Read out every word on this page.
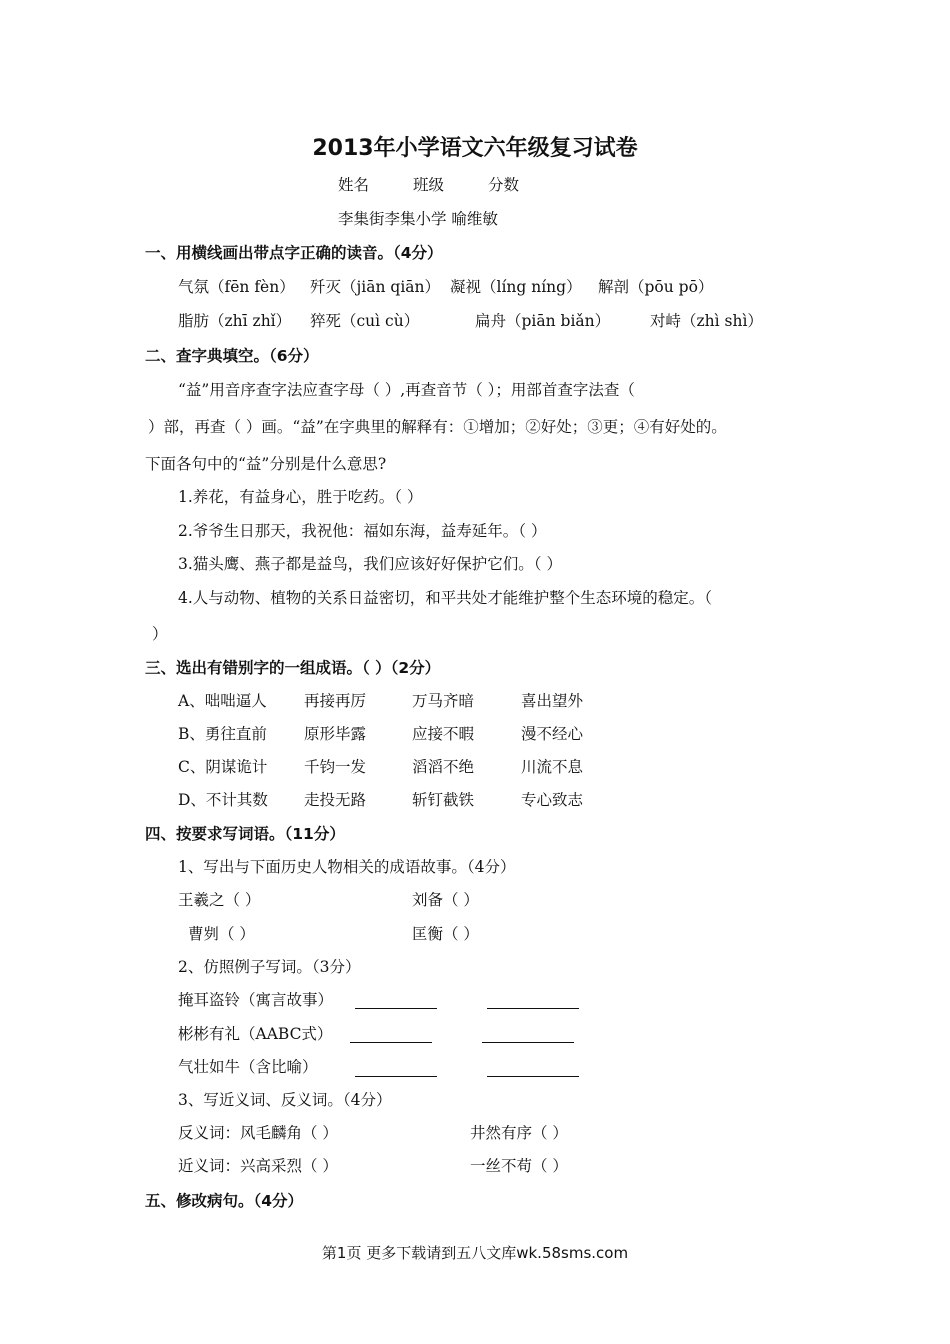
2013年小学语文六年级复习试卷
姓名	班级	分数
李集街李集小学 喻维敏
一、用横线画出带点字正确的读音。（4分）
气氛（fēn fèn） 歼灭（jiān qiān） 凝视（líng níng） 解剖（pōu pō）
脂肪（zhī zhǐ） 猝死（cuì cù）	扁舟（piān biǎn）	对峙（zhì shì）
二、查字典填空。（6分）
“益”用音序查字法应查字母（ ）,再查音节（ ）；用部首查字法查（
）部，再查（ ）画。“益”在字典里的解释有：①增加；②好处；③更；④有好处的。
下面各句中的“益”分别是什么意思?
1.养花，有益身心，胜于吃药。（ ）
2.爷爷生日那天，我祝他：福如东海，益寿延年。（ ）
3.猫头鹰、燕子都是益鸟，我们应该好好保护它们。（ ）
4.人与动物、植物的关系日益密切，和平共处才能维护整个生态环境的稳定。（
）
三、选出有错别字的一组成语。（ ）（2分）
A、咄咄逼人 再接再厉	万马齐暗	喜出望外
B、勇往直前 原形毕露	应接不暇	漫不经心
C、阴谋诡计 千钧一发	滔滔不绝	川流不息
D、不计其数 走投无路	斩钉截铁	专心致志
四、按要求写词语。（11分）
1、写出与下面历史人物相关的成语故事。（4分）
王羲之（ ）	刘备（ ）
曹刿（ ）	匡衡（ ）
2、仿照例子写词。（3分）
掩耳盗铃（寓言故事）
彬彬有礼（AABC式）
气壮如牛（含比喻）
3、写近义词、反义词。（4分）
反义词：风毛麟角（ ）	井然有序（ ）
近义词：兴高采烈（ ）	一丝不苟（ ）
五、修改病句。（4分）
第1页 更多下载请到五八文库wk.58sms.com
